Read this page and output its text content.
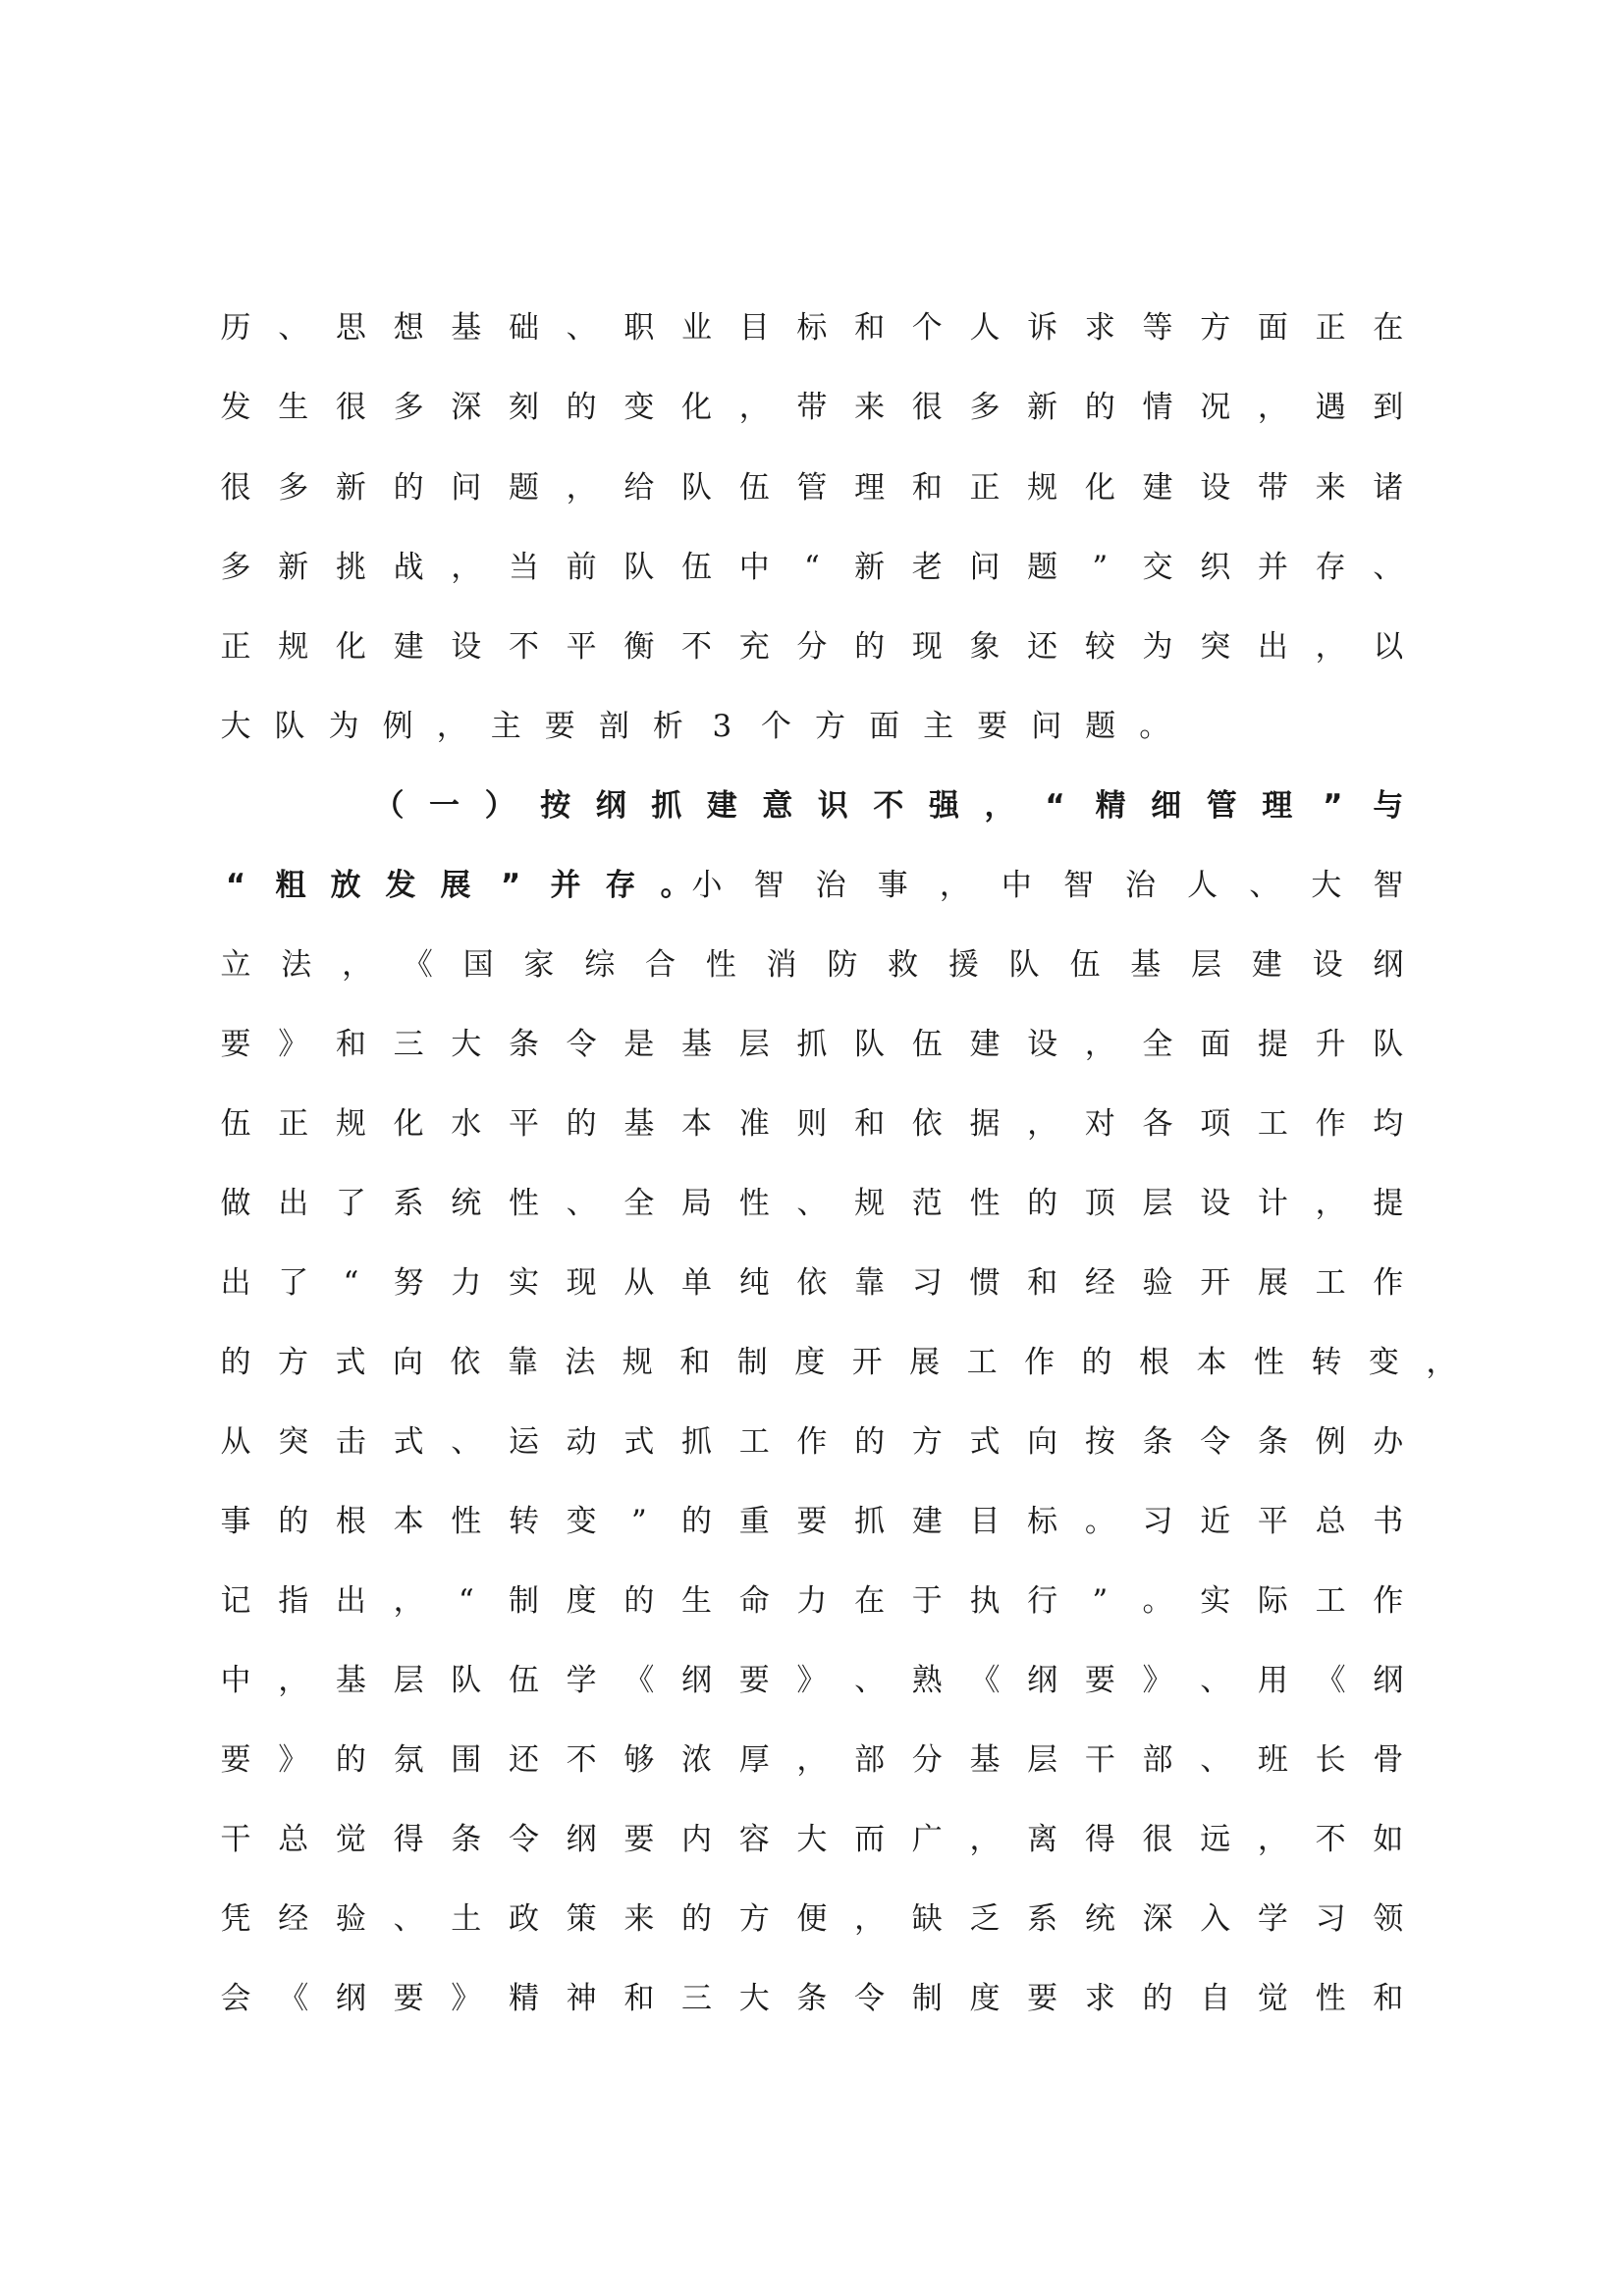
历 、 思 想 基 础 、 职 业 目 标 和 个 人 诉 求 等 方 面 正 在
发 生 很 多 深 刻 的 变 化 ， 带 来 很 多 新 的 情 况 ， 遇 到
很 多 新 的 问 题 ， 给 队 伍 管 理 和 正 规 化 建 设 带 来 诸
多 新 挑 战 ， 当 前 队 伍 中 “ 新 老 问 题 ” 交 织 并 存 、
正 规 化 建 设 不 平 衡 不 充 分 的 现 象 还 较 为 突 出 ， 以
大 队 为 例 ， 主 要 剖 析 3 个 方 面 主 要 问 题 。
（ 一 ） 按 纲 抓 建 意 识 不 强 ， “ 精 细 管 理 ” 与
“ 粗 放 发 展 ” 并 存 。 小 智 治 事 ， 中 智 治 人 、 大 智
立 法 ， 《 国 家 综 合 性 消 防 救 援 队 伍 基 层 建 设 纲
要 》 和 三 大 条 令 是 基 层 抓 队 伍 建 设 ， 全 面 提 升 队
伍 正 规 化 水 平 的 基 本 准 则 和 依 据 ， 对 各 项 工 作 均
做 出 了 系 统 性 、 全 局 性 、 规 范 性 的 顶 层 设 计 ， 提
出 了 “ 努 力 实 现 从 单 纯 依 靠 习 惯 和 经 验 开 展 工 作
的 方 式 向 依 靠 法 规 和 制 度 开 展 工 作 的 根 本 性 转 变 ，
从 突 击 式 、 运 动 式 抓 工 作 的 方 式 向 按 条 令 条 例 办
事 的 根 本 性 转 变 ” 的 重 要 抓 建 目 标 。 习 近 平 总 书
记 指 出 ， “ 制 度 的 生 命 力 在 于 执 行 ” 。 实 际 工 作
中 ， 基 层 队 伍 学 《 纲 要 》 、 熟 《 纲 要 》 、 用 《 纲
要 》 的 氛 围 还 不 够 浓 厚 ， 部 分 基 层 干 部 、 班 长 骨
干 总 觉 得 条 令 纲 要 内 容 大 而 广 ， 离 得 很 远 ， 不 如
凭 经 验 、 土 政 策 来 的 方 便 ， 缺 乏 系 统 深 入 学 习 领
会 《 纲 要 》 精 神 和 三 大 条 令 制 度 要 求 的 自 觉 性 和
